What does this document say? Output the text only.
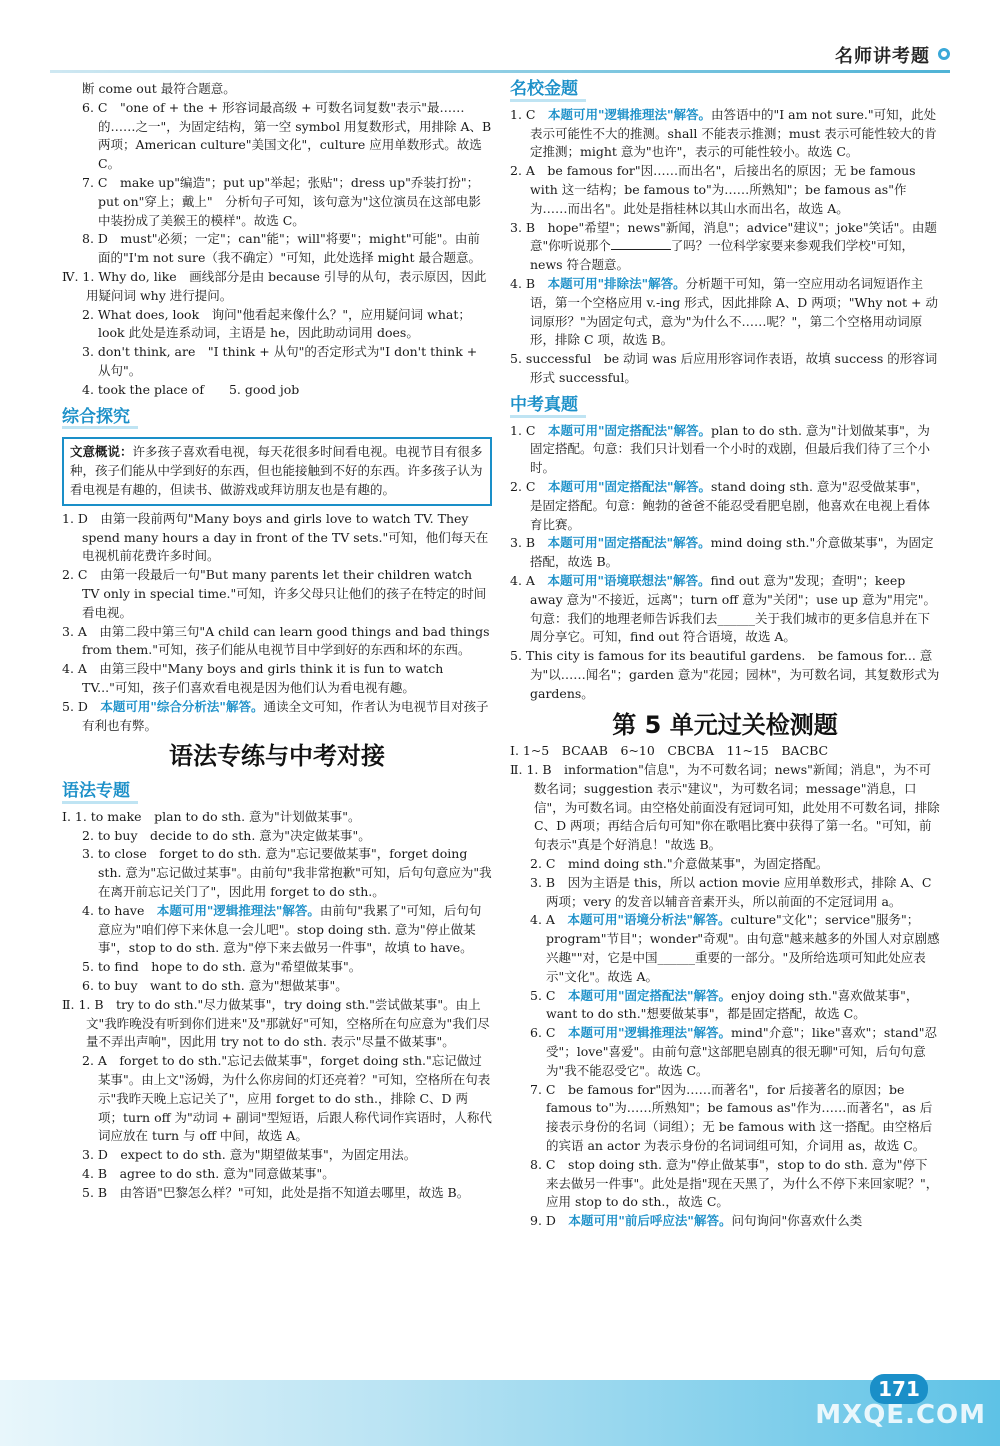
名师讲考题
断 come out 最符合题意。
6. C　"one of + the + 形容词最高级 + 可数名词复数"表示"最……的……之一"，为固定结构，第一空 symbol 用复数形式，用排除 A、B 两项；American culture"美国文化"，culture 应用单数形式。故选 C。
7. C　make up"编造"；put up"举起；张贴"；dress up"乔装打扮"；put on"穿上；戴上"　分析句子可知，该句意为"这位演员在这部电影中装扮成了美猴王的模样"。故选 C。
8. D　must"必须；一定"；can"能"；will"将要"；might"可能"。由前面的"I'm not sure（我不确定）"可知，此处选择 might 最合题意。
Ⅳ. 1. Why do, like　画线部分是由 because 引导的从句，表示原因，因此用疑问词 why 进行提问。
2. What does, look　询问"他看起来像什么？"，应用疑问词 what；look 此处是连系动词，主语是 he，因此助动词用 does。
3. don't think, are　"I think + 从句"的否定形式为"I don't think + 从句"。
4. took the place of　　5. good job
综合探究
文意概说：许多孩子喜欢看电视，每天花很多时间看电视。电视节目有很多种，孩子们能从中学到好的东西，但也能接触到不好的东西。许多孩子认为看电视是有趣的，但读书、做游戏或拜访朋友也是有趣的。
1. D　由第一段前两句"Many boys and girls love to watch TV. They spend many hours a day in front of the TV sets."可知，他们每天在电视机前花费许多时间。
2. C　由第一段最后一句"But many parents let their children watch TV only in special time."可知，许多父母只让他们的孩子在特定的时间看电视。
3. A　由第二段中第三句"A child can learn good things and bad things from them."可知，孩子们能从电视节目中学到好的东西和坏的东西。
4. A　由第三段中"Many boys and girls think it is fun to watch TV..."可知，孩子们喜欢看电视是因为他们认为看电视有趣。
5. D　本题可用"综合分析法"解答。通读全文可知，作者认为电视节目对孩子有利也有弊。
语法专练与中考对接
语法专题
Ⅰ. 1. to make　plan to do sth. 意为"计划做某事"。
2. to buy　decide to do sth. 意为"决定做某事"。
3. to close　forget to do sth. 意为"忘记要做某事"，forget doing sth. 意为"忘记做过某事"。由前句"我非常抱歉"可知，后句句意应为"我在离开前忘记关门了"，因此用 forget to do sth.。
4. to have　本题可用"逻辑推理法"解答。由前句"我累了"可知，后句句意应为"咱们停下来休息一会儿吧"。stop doing sth. 意为"停止做某事"，stop to do sth. 意为"停下来去做另一件事"，故填 to have。
5. to find　hope to do sth. 意为"希望做某事"。
6. to buy　want to do sth. 意为"想做某事"。
Ⅱ. 1. B　try to do sth."尽力做某事"，try doing sth."尝试做某事"。由上文"我昨晚没有听到你们进来"及"那就好"可知，空格所在句应意为"我们尽量不弄出声响"，因此用 try not to do sth. 表示"尽量不做某事"。
2. A　forget to do sth."忘记去做某事"，forget doing sth."忘记做过某事"。由上文"汤姆，为什么你房间的灯还亮着？"可知，空格所在句表示"我昨天晚上忘记关了"，应用 forget to do sth.，排除 C、D 两项；turn off 为"动词 + 副词"型短语，后跟人称代词作宾语时，人称代词应放在 turn 与 off 中间，故选 A。
3. D　expect to do sth. 意为"期望做某事"，为固定用法。
4. B　agree to do sth. 意为"同意做某事"。
5. B　由答语"巴黎怎么样？"可知，此处是指不知道去哪里，故选 B。
名校金题
1. C　本题可用"逻辑推理法"解答。由答语中的"I am not sure."可知，此处表示可能性不大的推测。shall 不能表示推测；must 表示可能性较大的肯定推测；might 意为"也许"，表示的可能性较小。故选 C。
2. A　be famous for"因……而出名"，后接出名的原因；无 be famous with 这一结构；be famous to"为……所熟知"；be famous as"作为……而出名"。此处是指桂林以其山水而出名，故选 A。
3. B　hope"希望"；news"新闻，消息"；advice"建议"；joke"笑话"。由题意"你听说那个	了吗？一位科学家要来参观我们学校"可知，news 符合题意。
4. B　本题可用"排除法"解答。分析题干可知，第一空应用动名词短语作主语，第一个空格应用 v.-ing 形式，因此排除 A、D 两项；"Why not + 动词原形？"为固定句式，意为"为什么不……呢？"，第二个空格用动词原形，排除 C 项，故选 B。
5. successful　be 动词 was 后应用形容词作表语，故填 success 的形容词形式 successful。
中考真题
1. C　本题可用"固定搭配法"解答。plan to do sth. 意为"计划做某事"，为固定搭配。句意：我们只计划看一个小时的戏剧，但最后我们待了三个小时。
2. C　本题可用"固定搭配法"解答。stand doing sth. 意为"忍受做某事"，是固定搭配。句意：鲍勃的爸爸不能忍受看肥皂剧，他喜欢在电视上看体育比赛。
3. B　本题可用"固定搭配法"解答。mind doing sth."介意做某事"，为固定搭配，故选 B。
4. A　本题可用"语境联想法"解答。find out 意为"发现；查明"；keep away 意为"不接近，远离"；turn off 意为"关闭"；use up 意为"用完"。句意：我们的地理老师告诉我们去______关于我们城市的更多信息并在下周分享它。可知，find out 符合语境，故选 A。
5. This city is famous for its beautiful gardens.　be famous for... 意为"以……闻名"；garden 意为"花园；园林"，为可数名词，其复数形式为 gardens。
第 5 单元过关检测题
Ⅰ. 1~5　BCAAB　6~10　CBCBA　11~15　BACBC
Ⅱ. 1. B　information"信息"，为不可数名词；news"新闻；消息"，为不可数名词；suggestion 表示"建议"，为可数名词；message"消息，口信"，为可数名词。由空格处前面没有冠词可知，此处用不可数名词，排除 C、D 两项；再结合后句可知"你在歌唱比赛中获得了第一名。"可知，前句表示"真是个好消息！"故选 B。
2. C　mind doing sth."介意做某事"，为固定搭配。
3. B　因为主语是 this，所以 action movie 应用单数形式，排除 A、C 两项；very 的发音以辅音音素开头，所以前面的不定冠词用 a。
4. A　本题可用"语境分析法"解答。culture"文化"；service"服务"；program"节目"；wonder"奇观"。由句意"越来越多的外国人对京剧感兴趣""对，它是中国______重要的一部分。"及所给选项可知此处应表示"文化"。故选 A。
5. C　本题可用"固定搭配法"解答。enjoy doing sth."喜欢做某事"，want to do sth."想要做某事"，都是固定搭配，故选 C。
6. C　本题可用"逻辑推理法"解答。mind"介意"；like"喜欢"；stand"忍受"；love"喜爱"。由前句意"这部肥皂剧真的很无聊"可知，后句句意为"我不能忍受它"。故选 C。
7. C　be famous for"因为……而著名"，for 后接著名的原因；be famous to"为……所熟知"；be famous as"作为……而著名"，as 后接表示身份的名词（词组）；无 be famous with 这一搭配。由空格后的宾语 an actor 为表示身份的名词词组可知，介词用 as，故选 C。
8. C　stop doing sth. 意为"停止做某事"，stop to do sth. 意为"停下来去做另一件事"。此处是指"现在天黑了，为什么不停下来回家呢？"，应用 stop to do sth.，故选 C。
9. D　本题可用"前后呼应法"解答。问句询问"你喜欢什么类
171
MXQE.COM
